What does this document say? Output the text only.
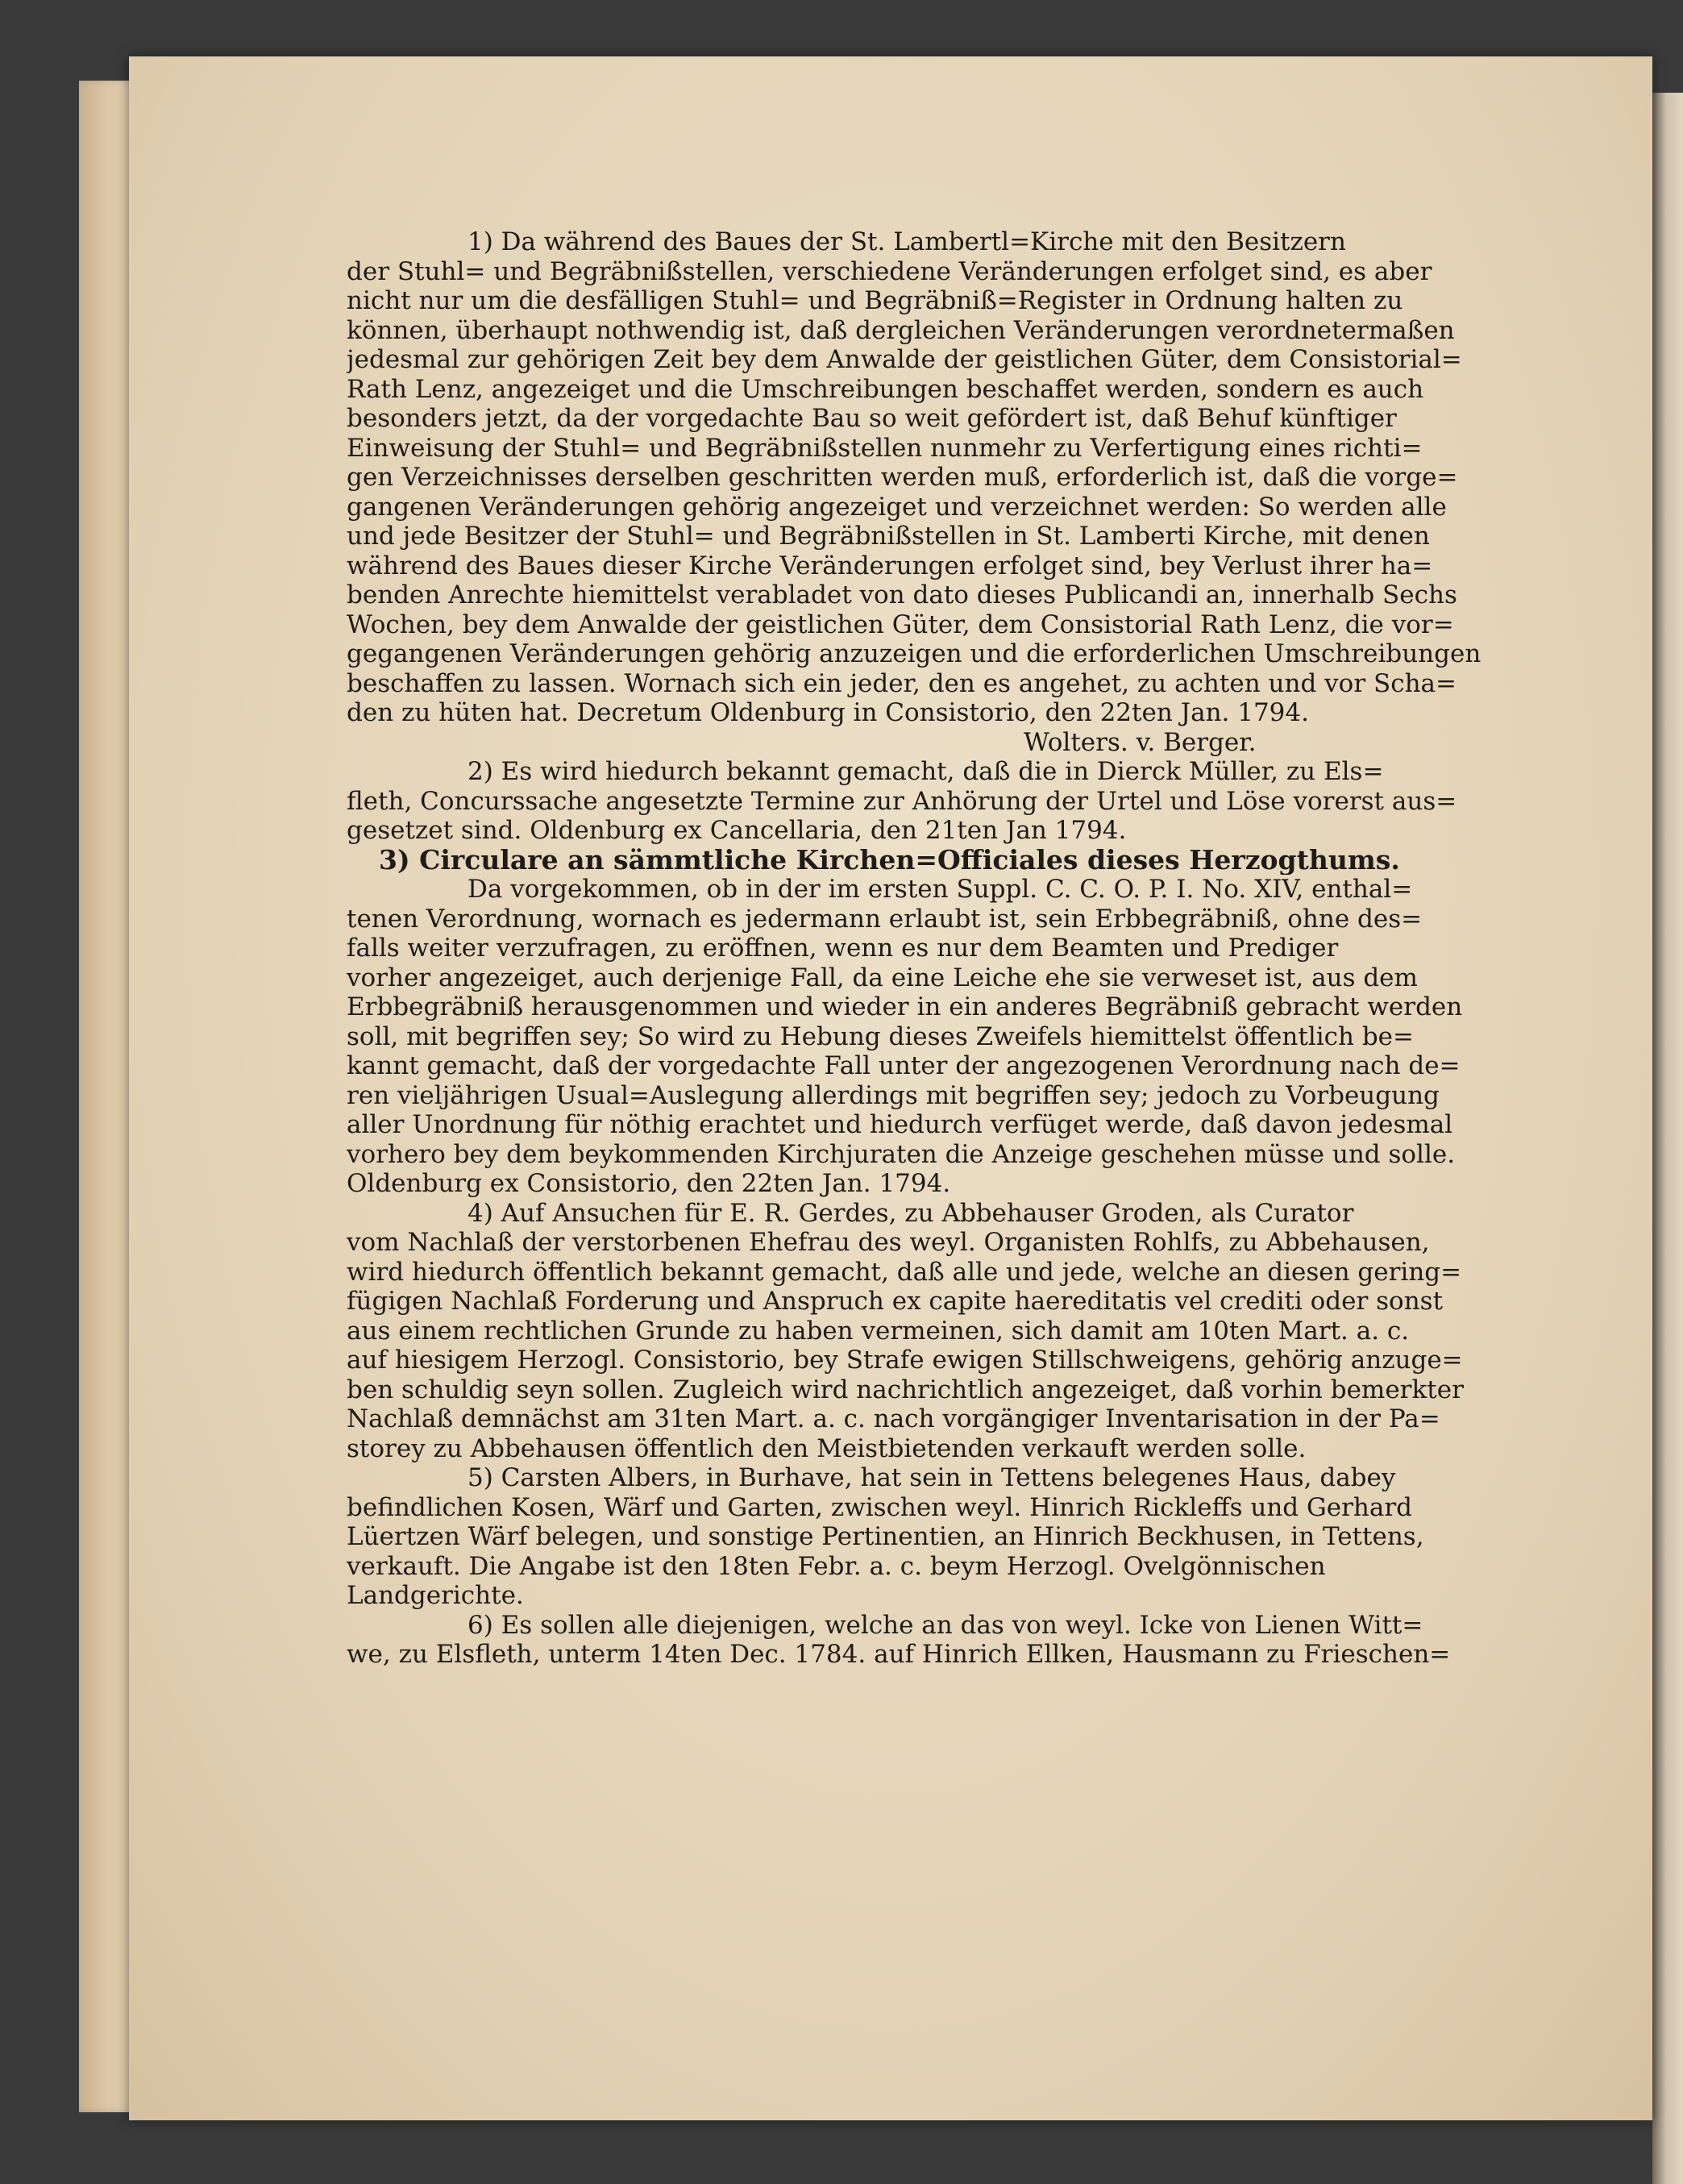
1) Da während des Baues der St. Lambertl=Kirche mit den Besitzern
der Stuhl= und Begräbnißstellen, verschiedene Veränderungen erfolget sind, es aber
nicht nur um die desfälligen Stuhl= und Begräbniß=Register in Ordnung halten zu
können, überhaupt nothwendig ist, daß dergleichen Veränderungen verordnetermaßen
jedesmal zur gehörigen Zeit bey dem Anwalde der geistlichen Güter, dem Consistorial=
Rath Lenz, angezeiget und die Umschreibungen beschaffet werden, sondern es auch
besonders jetzt, da der vorgedachte Bau so weit gefördert ist, daß Behuf künftiger
Einweisung der Stuhl= und Begräbnißstellen nunmehr zu Verfertigung eines richti=
gen Verzeichnisses derselben geschritten werden muß, erforderlich ist, daß die vorge=
gangenen Veränderungen gehörig angezeiget und verzeichnet werden: So werden alle
und jede Besitzer der Stuhl= und Begräbnißstellen in St. Lamberti Kirche, mit denen
während des Baues dieser Kirche Veränderungen erfolget sind, bey Verlust ihrer ha=
benden Anrechte hiemittelst verabladet von dato dieses Publicandi an, innerhalb Sechs
Wochen, bey dem Anwalde der geistlichen Güter, dem Consistorial Rath Lenz, die vor=
gegangenen Veränderungen gehörig anzuzeigen und die erforderlichen Umschreibungen
beschaffen zu lassen. Wornach sich ein jeder, den es angehet, zu achten und vor Scha=
den zu hüten hat. Decretum Oldenburg in Consistorio, den 22ten Jan. 1794.
Wolters. v. Berger.
2) Es wird hiedurch bekannt gemacht, daß die in Dierck Müller, zu Els=
fleth, Concurssache angesetzte Termine zur Anhörung der Urtel und Löse vorerst aus=
gesetzet sind. Oldenburg ex Cancellaria, den 21ten Jan 1794.
3) Circulare an sämmtliche Kirchen=Officiales dieses Herzogthums.
Da vorgekommen, ob in der im ersten Suppl. C. C. O. P. I. No. XIV, enthal=
tenen Verordnung, wornach es jedermann erlaubt ist, sein Erbbegräbniß, ohne des=
falls weiter verzufragen, zu eröffnen, wenn es nur dem Beamten und Prediger
vorher angezeiget, auch derjenige Fall, da eine Leiche ehe sie verweset ist, aus dem
Erbbegräbniß herausgenommen und wieder in ein anderes Begräbniß gebracht werden
soll, mit begriffen sey; So wird zu Hebung dieses Zweifels hiemittelst öffentlich be=
kannt gemacht, daß der vorgedachte Fall unter der angezogenen Verordnung nach de=
ren vieljährigen Usual=Auslegung allerdings mit begriffen sey; jedoch zu Vorbeugung
aller Unordnung für nöthig erachtet und hiedurch verfüget werde, daß davon jedesmal
vorhero bey dem beykommenden Kirchjuraten die Anzeige geschehen müsse und solle.
Oldenburg ex Consistorio, den 22ten Jan. 1794.
4) Auf Ansuchen für E. R. Gerdes, zu Abbehauser Groden, als Curator
vom Nachlaß der verstorbenen Ehefrau des weyl. Organisten Rohlfs, zu Abbehausen,
wird hiedurch öffentlich bekannt gemacht, daß alle und jede, welche an diesen gering=
fügigen Nachlaß Forderung und Anspruch ex capite haereditatis vel crediti oder sonst
aus einem rechtlichen Grunde zu haben vermeinen, sich damit am 10ten Mart. a. c.
auf hiesigem Herzogl. Consistorio, bey Strafe ewigen Stillschweigens, gehörig anzuge=
ben schuldig seyn sollen. Zugleich wird nachrichtlich angezeiget, daß vorhin bemerkter
Nachlaß demnächst am 31ten Mart. a. c. nach vorgängiger Inventarisation in der Pa=
storey zu Abbehausen öffentlich den Meistbietenden verkauft werden solle.
5) Carsten Albers, in Burhave, hat sein in Tettens belegenes Haus, dabey
befindlichen Kosen, Wärf und Garten, zwischen weyl. Hinrich Rickleffs und Gerhard
Lüertzen Wärf belegen, und sonstige Pertinentien, an Hinrich Beckhusen, in Tettens,
verkauft. Die Angabe ist den 18ten Febr. a. c. beym Herzogl. Ovelgönnischen
Landgerichte.
6) Es sollen alle diejenigen, welche an das von weyl. Icke von Lienen Witt=
we, zu Elsfleth, unterm 14ten Dec. 1784. auf Hinrich Ellken, Hausmann zu Frieschen=
